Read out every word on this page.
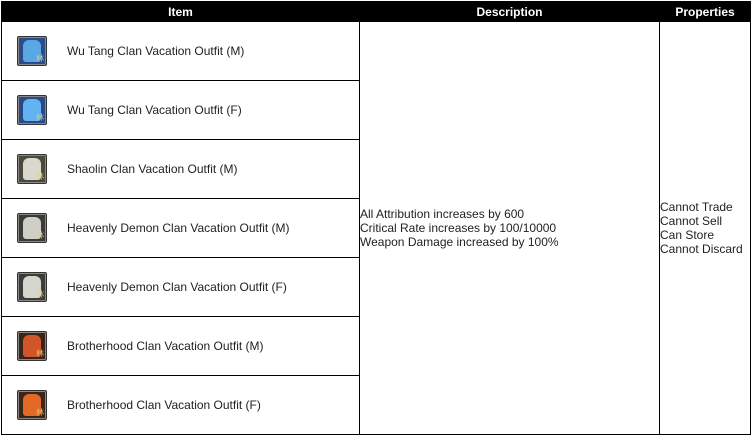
Item	Description	Properties

林
Wu Tang Clan Vacation Outfit (M)	All Attribution increases by 600
Critical Rate increases by 100/10000
Weapon Damage increased by 100%	Cannot Trade
Cannot Sell
Can Store
Cannot Discard

林
Wu Tang Clan Vacation Outfit (F)		

林
Shaolin Clan Vacation Outfit (M)		

林
Heavenly Demon Clan Vacation Outfit (M)		

林
Heavenly Demon Clan Vacation Outfit (F)		

林
Brotherhood Clan Vacation Outfit (M)		

林
Brotherhood Clan Vacation Outfit (F)		
